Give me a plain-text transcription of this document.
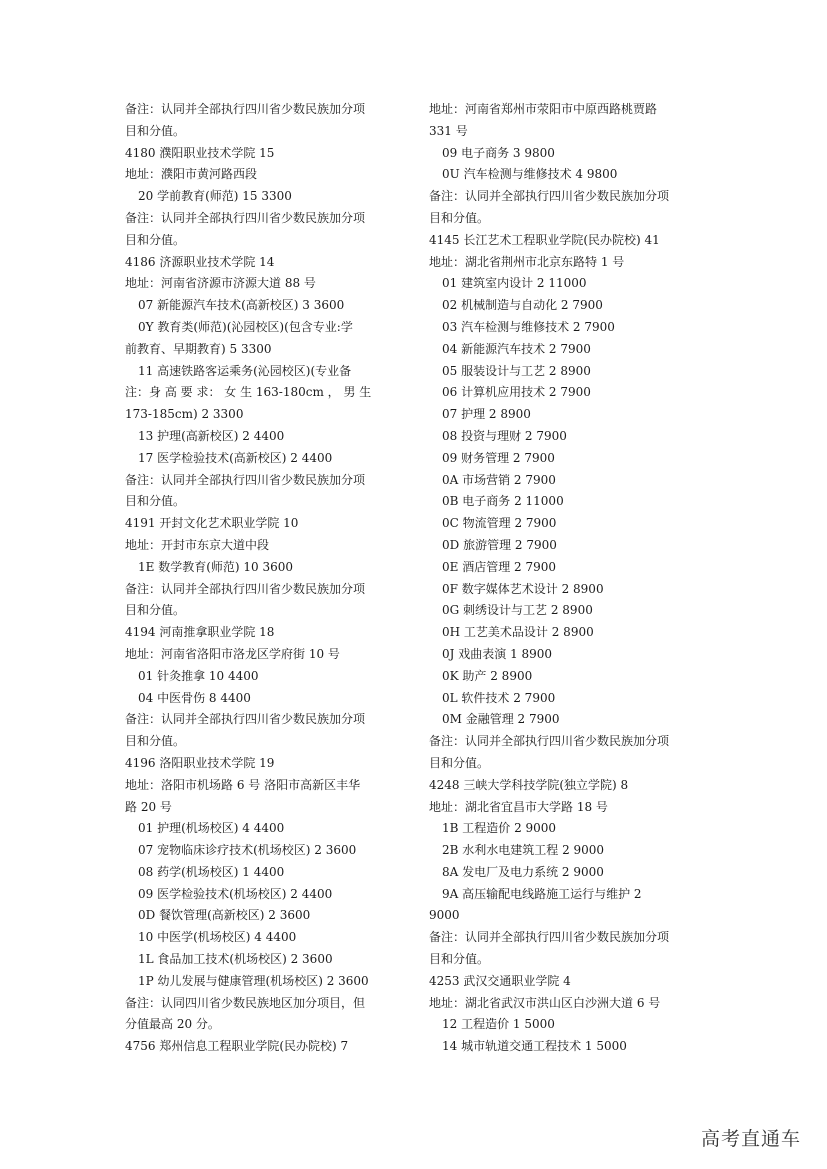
备注：认同并全部执行四川省少数民族加分项
目和分值。
4180 濮阳职业技术学院 15
地址：濮阳市黄河路西段
20 学前教育(师范) 15 3300
备注：认同并全部执行四川省少数民族加分项
目和分值。
4186 济源职业技术学院 14
地址：河南省济源市济源大道 88 号
07 新能源汽车技术(高新校区) 3 3600
0Y 教育类(师范)(沁园校区)(包含专业:学
前教育、早期教育) 5 3300
11 高速铁路客运乘务(沁园校区)(专业备
注：身 高 要 求： 女 生 163-180cm ， 男 生
173-185cm) 2 3300
13 护理(高新校区) 2 4400
17 医学检验技术(高新校区) 2 4400
备注：认同并全部执行四川省少数民族加分项
目和分值。
4191 开封文化艺术职业学院 10
地址：开封市东京大道中段
1E 数学教育(师范) 10 3600
备注：认同并全部执行四川省少数民族加分项
目和分值。
4194 河南推拿职业学院 18
地址：河南省洛阳市洛龙区学府街 10 号
01 针灸推拿 10 4400
04 中医骨伤 8 4400
备注：认同并全部执行四川省少数民族加分项
目和分值。
4196 洛阳职业技术学院 19
地址：洛阳市机场路 6 号 洛阳市高新区丰华
路 20 号
01 护理(机场校区) 4 4400
07 宠物临床诊疗技术(机场校区) 2 3600
08 药学(机场校区) 1 4400
09 医学检验技术(机场校区) 2 4400
0D 餐饮管理(高新校区) 2 3600
10 中医学(机场校区) 4 4400
1L 食品加工技术(机场校区) 2 3600
1P 幼儿发展与健康管理(机场校区) 2 3600
备注：认同四川省少数民族地区加分项目，但
分值最高 20 分。
4756 郑州信息工程职业学院(民办院校) 7
地址：河南省郑州市荥阳市中原西路桃贾路
331 号
09 电子商务 3 9800
0U 汽车检测与维修技术 4 9800
备注：认同并全部执行四川省少数民族加分项
目和分值。
4145 长江艺术工程职业学院(民办院校) 41
地址：湖北省荆州市北京东路特 1 号
01 建筑室内设计 2 11000
02 机械制造与自动化 2 7900
03 汽车检测与维修技术 2 7900
04 新能源汽车技术 2 7900
05 服装设计与工艺 2 8900
06 计算机应用技术 2 7900
07 护理 2 8900
08 投资与理财 2 7900
09 财务管理 2 7900
0A 市场营销 2 7900
0B 电子商务 2 11000
0C 物流管理 2 7900
0D 旅游管理 2 7900
0E 酒店管理 2 7900
0F 数字媒体艺术设计 2 8900
0G 刺绣设计与工艺 2 8900
0H 工艺美术品设计 2 8900
0J 戏曲表演 1 8900
0K 助产 2 8900
0L 软件技术 2 7900
0M 金融管理 2 7900
备注：认同并全部执行四川省少数民族加分项
目和分值。
4248 三峡大学科技学院(独立学院) 8
地址：湖北省宜昌市大学路 18 号
1B 工程造价 2 9000
2B 水利水电建筑工程 2 9000
8A 发电厂及电力系统 2 9000
9A 高压输配电线路施工运行与维护 2
9000
备注：认同并全部执行四川省少数民族加分项
目和分值。
4253 武汉交通职业学院 4
地址：湖北省武汉市洪山区白沙洲大道 6 号
12 工程造价 1 5000
14 城市轨道交通工程技术 1 5000
高考直通车
